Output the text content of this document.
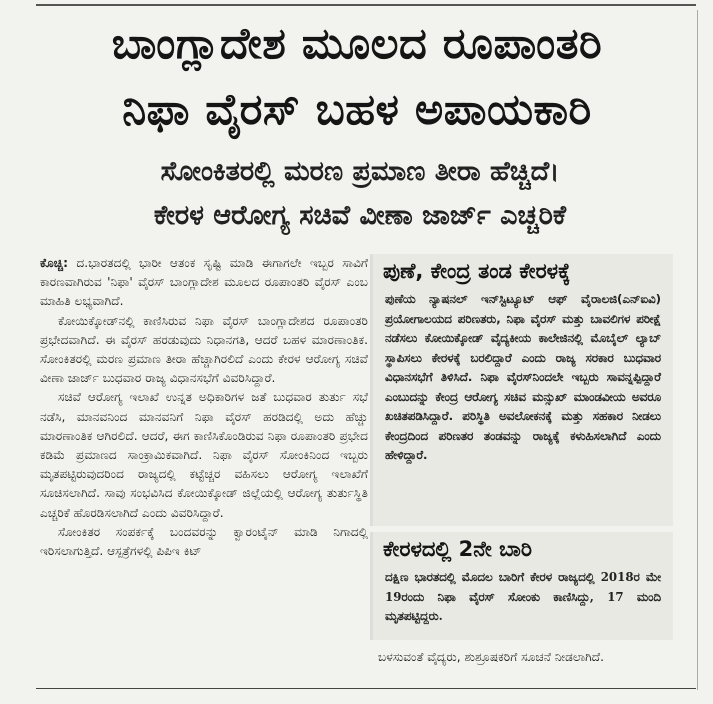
ಬಾಂಗ್ಲಾದೇಶ ಮೂಲದ ರೂಪಾಂತರಿ
ನಿಫಾ ವೈರಸ್ ಬಹಳ ಅಪಾಯಕಾರಿ
ಸೋಂಕಿತರಲ್ಲಿ ಮರಣ ಪ್ರಮಾಣ ತೀರಾ ಹೆಚ್ಚಿದೆ।
ಕೇರಳ ಆರೋಗ್ಯ ಸಚಿವೆ ವೀಣಾ ಜಾರ್ಜ್ ಎಚ್ಚರಿಕೆ

ಕೊಚ್ಚಿ: ದ.ಭಾರತದಲ್ಲಿ ಭಾರೀ ಆತಂಕ ಸೃಷ್ಟಿ ಮಾಡಿ ಈಗಾಗಲೇ ಇಬ್ಬರ ಸಾವಿಗೆ ಕಾರಣವಾಗಿರುವ 'ನಿಫಾ' ವೈರಸ್ ಬಾಂಗ್ಲಾದೇಶ ಮೂಲದ ರೂಪಾಂತರಿ ವೈರಸ್ ಎಂಬ ಮಾಹಿತಿ ಲಭ್ಯವಾಗಿದೆ.

ಕೋಯಿಕ್ಕೋಡ್‌ನಲ್ಲಿ ಕಾಣಿಸಿರುವ ನಿಫಾ ವೈರಸ್ ಬಾಂಗ್ಲಾದೇಶದ ರೂಪಾಂತರಿ ಪ್ರಭೇದವಾಗಿದೆ. ಈ ವೈರಸ್ ಹರಡುವುದು ನಿಧಾನಗತಿ, ಆದರೆ ಬಹಳ ಮಾರಣಾಂತಿಕ. ಸೋಂಕಿತರಲ್ಲಿ ಮರಣ ಪ್ರಮಾಣ ತೀರಾ ಹೆಚ್ಚಾಗಿರಲಿದೆ ಎಂದು ಕೇರಳ ಆರೋಗ್ಯ ಸಚಿವೆ ವೀಣಾ ಜಾರ್ಜ್ ಬುಧವಾರ ರಾಜ್ಯ ವಿಧಾನಸಭೆಗೆ ವಿವರಿಸಿದ್ದಾರೆ.

ಸಚಿವೆ ಆರೋಗ್ಯ ಇಲಾಖೆ ಉನ್ನತ ಅಧಿಕಾರಿಗಳ ಜತೆ ಬುಧವಾರ ತುರ್ತು ಸಭೆ ನಡೆಸಿ, ಮಾನವನಿಂದ ಮಾನವನಿಗೆ ನಿಫಾ ವೈರಸ್ ಹರಡಿದಲ್ಲಿ ಅದು ಹೆಚ್ಚು ಮಾರಣಾಂತಿಕ ಆಗಿರಲಿದೆ. ಆದರೆ, ಈಗ ಕಾಣಿಸಿಕೊಂಡಿರುವ ನಿಫಾ ರೂಪಾಂತರಿ ಪ್ರಭೇದ ಕಡಿಮೆ ಪ್ರಮಾಣದ ಸಾಂಕ್ರಾಮಿಕವಾಗಿದೆ. ನಿಫಾ ವೈರಸ್ ಸೋಂಕಿನಿಂದ ಇಬ್ಬರು ಮೃತಪಟ್ಟಿರುವುದರಿಂದ ರಾಜ್ಯದಲ್ಲಿ ಕಟ್ಟೆಚ್ಚರ ವಹಿಸಲು ಆರೋಗ್ಯ ಇಲಾಖೆಗೆ ಸೂಚಿಸಲಾಗಿದೆ. ಸಾವು ಸಂಭವಿಸಿದ ಕೋಯಿಕ್ಕೋಡ್ ಜಿಲ್ಲೆಯಲ್ಲಿ ಆರೋಗ್ಯ ತುರ್ತುಸ್ಥಿತಿ ಎಚ್ಚರಿಕೆ ಹೊರಡಿಸಲಾಗಿದೆ ಎಂದು ವಿವರಿಸಿದ್ದಾರೆ.

ಸೋಂಕಿತರ ಸಂಪರ್ಕಕ್ಕೆ ಬಂದವರನ್ನು ಕ್ವಾರಂಟೈನ್ ಮಾಡಿ ನಿಗಾದಲ್ಲಿ ಇರಿಸಲಾಗುತ್ತಿದೆ. ಆಸ್ಪತ್ರೆಗಳಲ್ಲಿ ಪಿಪಿಇ ಕಿಟ್

ಪುಣೆ, ಕೇಂದ್ರ ತಂಡ ಕೇರಳಕ್ಕೆ
ಪುಣೆಯ ನ್ಯಾಷನಲ್ ಇನ್‌ಸ್ಟಿಟ್ಯೂಟ್ ಆಫ್ ವೈರಾಲಜಿ(ಎನ್‌ಐವಿ) ಪ್ರಯೋಗಾಲಯದ ಪರಿಣತರು, ನಿಫಾ ವೈರಸ್ ಮತ್ತು ಬಾವಲಿಗಳ ಪರೀಕ್ಷೆ ನಡೆಸಲು ಕೋಯಿಕ್ಕೋಡ್ ವೈದ್ಯಕೀಯ ಕಾಲೇಜಿನಲ್ಲಿ ಮೊಬೈಲ್ ಲ್ಯಾಬ್ ಸ್ಥಾಪಿಸಲು ಕೇರಳಕ್ಕೆ ಬರಲಿದ್ದಾರೆ ಎಂದು ರಾಜ್ಯ ಸರಕಾರ ಬುಧವಾರ ವಿಧಾನಸಭೆಗೆ ತಿಳಿಸಿದೆ. ನಿಫಾ ವೈರಸ್‌ನಿಂದಲೇ ಇಬ್ಬರು ಸಾವನ್ನಪ್ಪಿದ್ದಾರೆ ಎಂಬುದನ್ನು ಕೇಂದ್ರ ಆರೋಗ್ಯ ಸಚಿವ ಮನ್ಸುಖ್ ಮಾಂಡವೀಯ ಅವರೂ ಖಚಿತಪಡಿಸಿದ್ದಾರೆ. ಪರಿಸ್ಥಿತಿ ಅವಲೋಕನಕ್ಕೆ ಮತ್ತು ಸಹಕಾರ ನೀಡಲು ಕೇಂದ್ರದಿಂದ ಪರಿಣತರ ತಂಡವನ್ನು ರಾಜ್ಯಕ್ಕೆ ಕಳುಹಿಸಲಾಗಿದೆ ಎಂದು ಹೇಳಿದ್ದಾರೆ.
ಕೇರಳದಲ್ಲಿ 2ನೇ ಬಾರಿ
ದಕ್ಷಿಣ ಭಾರತದಲ್ಲಿ ಮೊದಲ ಬಾರಿಗೆ ಕೇರಳ ರಾಜ್ಯದಲ್ಲಿ 2018ರ ಮೇ 19ರಂದು ನಿಫಾ ವೈರಸ್ ಸೋಂಕು ಕಾಣಿಸಿದ್ದು, 17 ಮಂದಿ ಮೃತಪಟ್ಟಿದ್ದರು.
ಬಳಸುವಂತೆ ವೈದ್ಯರು, ಶುಶ್ರೂಷಕರಿಗೆ ಸೂಚನೆ ನೀಡಲಾಗಿದೆ.
